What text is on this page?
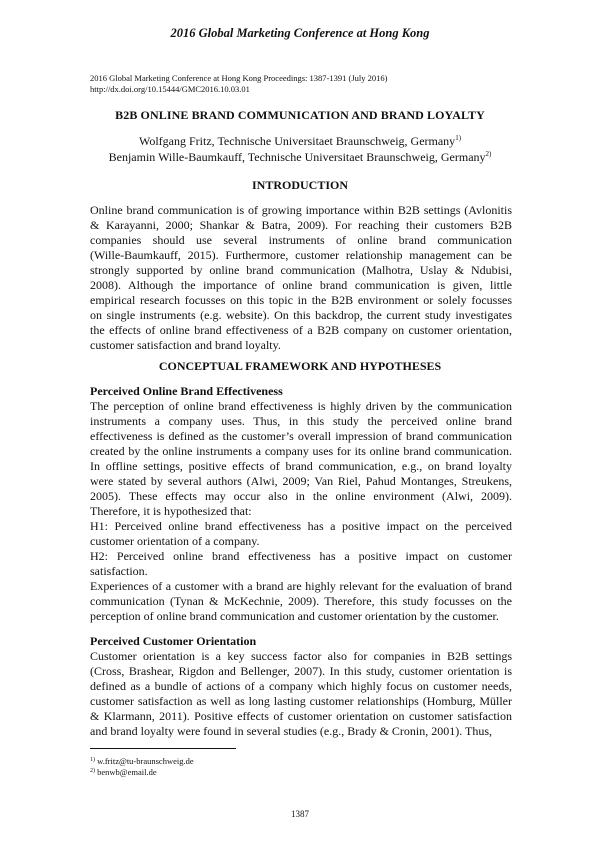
2016 Global Marketing Conference at Hong Kong
2016 Global Marketing Conference at Hong Kong Proceedings: 1387-1391 (July 2016)
http://dx.doi.org/10.15444/GMC2016.10.03.01
B2B ONLINE BRAND COMMUNICATION AND BRAND LOYALTY
Wolfgang Fritz, Technische Universitaet Braunschweig, Germany$^{1)}$
Benjamin Wille-Baumkauff, Technische Universitaet Braunschweig, Germany$^{2)}$
INTRODUCTION
Online brand communication is of growing importance within B2B settings (Avlonitis
& Karayanni, 2000; Shankar & Batra, 2009). For reaching their customers B2B
companies should use several instruments of online brand communication
(Wille-Baumkauff, 2015). Furthermore, customer relationship management can be
strongly supported by online brand communication (Malhotra, Uslay & Ndubisi,
2008). Although the importance of online brand communication is given, little
empirical research focusses on this topic in the B2B environment or solely focusses
on single instruments (e.g. website). On this backdrop, the current study investigates
the effects of online brand effectiveness of a B2B company on customer orientation,
customer satisfaction and brand loyalty.
CONCEPTUAL FRAMEWORK AND HYPOTHESES
Perceived Online Brand Effectiveness
The perception of online brand effectiveness is highly driven by the communication
instruments a company uses. Thus, in this study the perceived online brand
effectiveness is defined as the customer’s overall impression of brand communication
created by the online instruments a company uses for its online brand communication.
In offline settings, positive effects of brand communication, e.g., on brand loyalty
were stated by several authors (Alwi, 2009; Van Riel, Pahud Montanges, Streukens,
2005). These effects may occur also in the online environment (Alwi, 2009).
Therefore, it is hypothesized that:
H1: Perceived online brand effectiveness has a positive impact on the perceived
customer orientation of a company.
H2: Perceived online brand effectiveness has a positive impact on customer
satisfaction.
Experiences of a customer with a brand are highly relevant for the evaluation of brand
communication (Tynan & McKechnie, 2009). Therefore, this study focusses on the
perception of online brand communication and customer orientation by the customer.
Perceived Customer Orientation
Customer orientation is a key success factor also for companies in B2B settings
(Cross, Brashear, Rigdon and Bellenger, 2007). In this study, customer orientation is
defined as a bundle of actions of a company which highly focus on customer needs,
customer satisfaction as well as long lasting customer relationships (Homburg, Müller
& Klarmann, 2011). Positive effects of customer orientation on customer satisfaction
and brand loyalty were found in several studies (e.g., Brady & Cronin, 2001). Thus,
$^{1)}$ w.fritz@tu-braunschweig.de
$^{2)}$ benwb@email.de
1387
